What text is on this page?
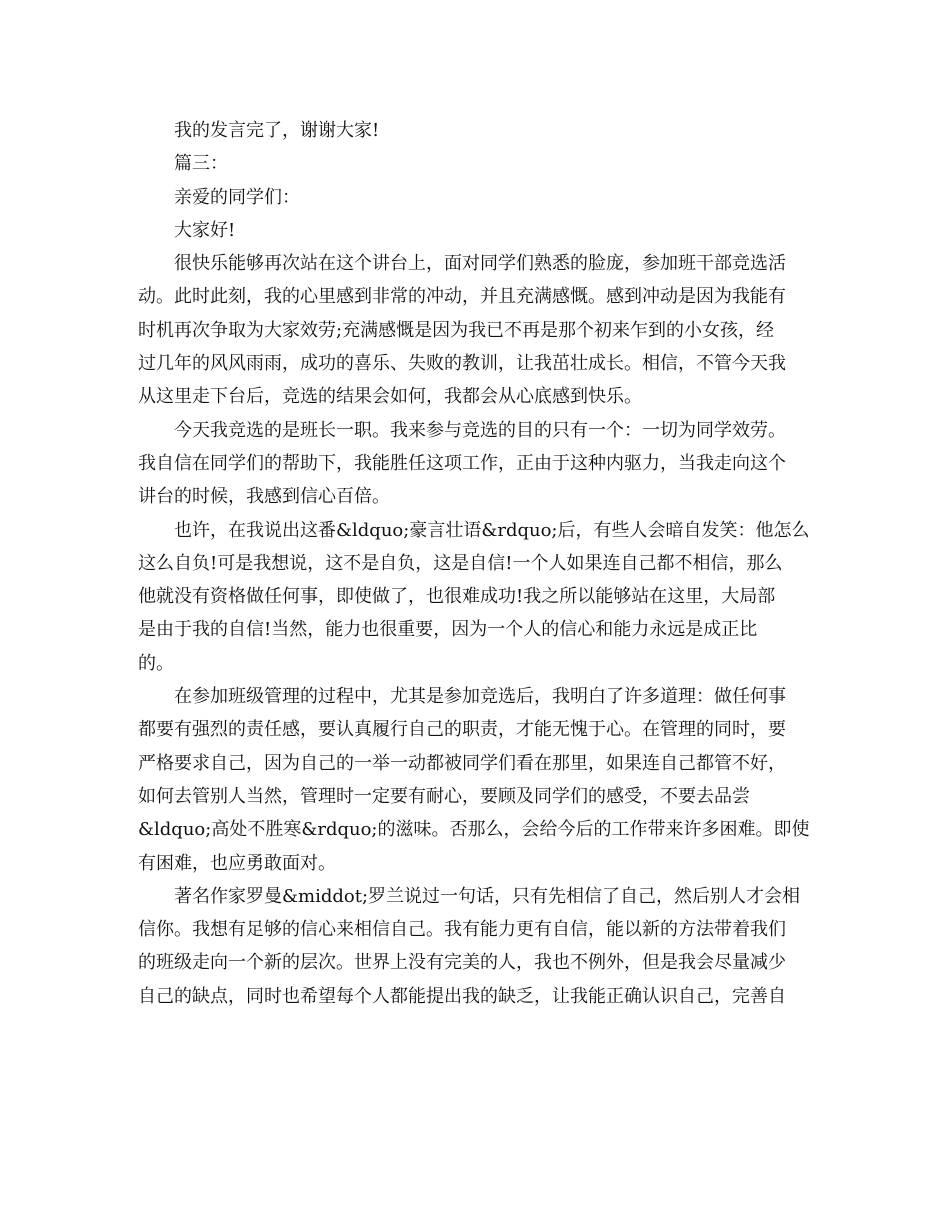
　　我的发言完了，谢谢大家!
　　篇三：
　　亲爱的同学们：
　　大家好!
　　很快乐能够再次站在这个讲台上，面对同学们熟悉的脸庞，参加班干部竞选活
动。此时此刻，我的心里感到非常的冲动，并且充满感慨。感到冲动是因为我能有
时机再次争取为大家效劳;充满感慨是因为我已不再是那个初来乍到的小女孩，经
过几年的风风雨雨，成功的喜乐、失败的教训，让我茁壮成长。相信，不管今天我
从这里走下台后，竞选的结果会如何，我都会从心底感到快乐。
　　今天我竞选的是班长一职。我来参与竞选的目的只有一个：一切为同学效劳。
我自信在同学们的帮助下，我能胜任这项工作，正由于这种内驱力，当我走向这个
讲台的时候，我感到信心百倍。
　　也许，在我说出这番&ldquo;豪言壮语&rdquo;后，有些人会暗自发笑：他怎么
这么自负!可是我想说，这不是自负，这是自信!一个人如果连自己都不相信，那么
他就没有资格做任何事，即使做了，也很难成功!我之所以能够站在这里，大局部
是由于我的自信!当然，能力也很重要，因为一个人的信心和能力永远是成正比
的。
　　在参加班级管理的过程中，尤其是参加竞选后，我明白了许多道理：做任何事
都要有强烈的责任感，要认真履行自己的职责，才能无愧于心。在管理的同时，要
严格要求自己，因为自己的一举一动都被同学们看在那里，如果连自己都管不好，
如何去管别人当然，管理时一定要有耐心，要顾及同学们的感受，不要去品尝
&ldquo;高处不胜寒&rdquo;的滋味。否那么，会给今后的工作带来许多困难。即使
有困难，也应勇敢面对。
　　著名作家罗曼&middot;罗兰说过一句话，只有先相信了自己，然后别人才会相
信你。我想有足够的信心来相信自己。我有能力更有自信，能以新的方法带着我们
的班级走向一个新的层次。世界上没有完美的人，我也不例外，但是我会尽量减少
自己的缺点，同时也希望每个人都能提出我的缺乏，让我能正确认识自己，完善自
